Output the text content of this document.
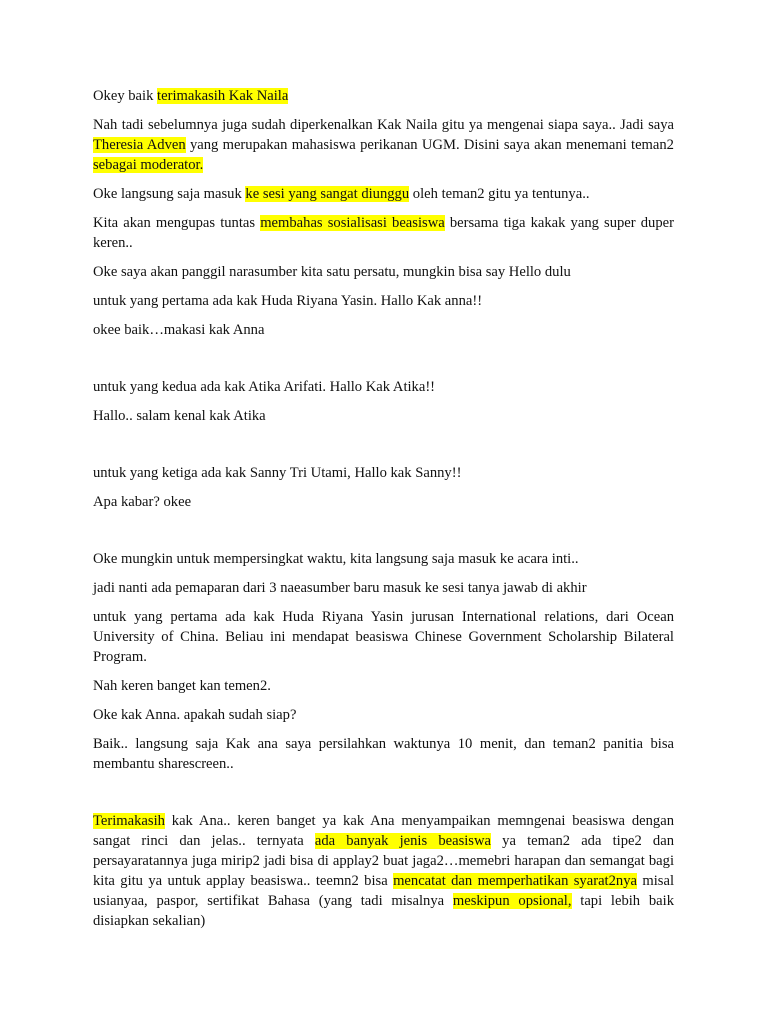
Okey baik terimakasih Kak Naila

Nah tadi sebelumnya juga sudah diperkenalkan Kak Naila gitu ya mengenai siapa saya.. Jadi saya Theresia Adven yang merupakan mahasiswa perikanan UGM. Disini saya akan menemani teman2 sebagai moderator.

Oke langsung saja masuk ke sesi yang sangat diunggu oleh teman2 gitu ya tentunya..

Kita akan mengupas tuntas membahas sosialisasi beasiswa bersama tiga kakak yang super duper keren..

Oke saya akan panggil narasumber kita satu persatu, mungkin bisa say Hello dulu

untuk yang pertama ada kak Huda Riyana Yasin. Hallo Kak anna!!

okee baik…makasi kak Anna

untuk yang kedua ada kak Atika Arifati. Hallo Kak Atika!!

Hallo.. salam kenal kak Atika

untuk yang ketiga ada kak Sanny Tri Utami, Hallo kak Sanny!!

Apa kabar? okee

Oke mungkin untuk mempersingkat waktu, kita langsung saja masuk ke acara inti..

jadi nanti ada pemaparan dari 3 naeasumber baru masuk ke sesi tanya jawab di akhir

untuk yang pertama ada kak Huda Riyana Yasin jurusan International relations, dari Ocean University of China. Beliau ini mendapat beasiswa Chinese Government Scholarship Bilateral Program.

Nah keren banget kan temen2.

Oke kak Anna. apakah sudah siap?

Baik.. langsung saja Kak ana saya persilahkan waktunya 10 menit, dan teman2 panitia bisa membantu sharescreen..

Terimakasih kak Ana.. keren banget ya kak Ana menyampaikan memngenai beasiswa dengan sangat rinci dan jelas.. ternyata ada banyak jenis beasiswa ya teman2 ada tipe2 dan persayaratannya juga mirip2 jadi bisa di applay2 buat jaga2…memebri harapan dan semangat bagi kita gitu ya untuk applay beasiswa.. teemn2 bisa mencatat dan memperhatikan syarat2nya misal usianyaa, paspor, sertifikat Bahasa (yang tadi misalnya meskipun opsional, tapi lebih baik disiapkan sekalian)
